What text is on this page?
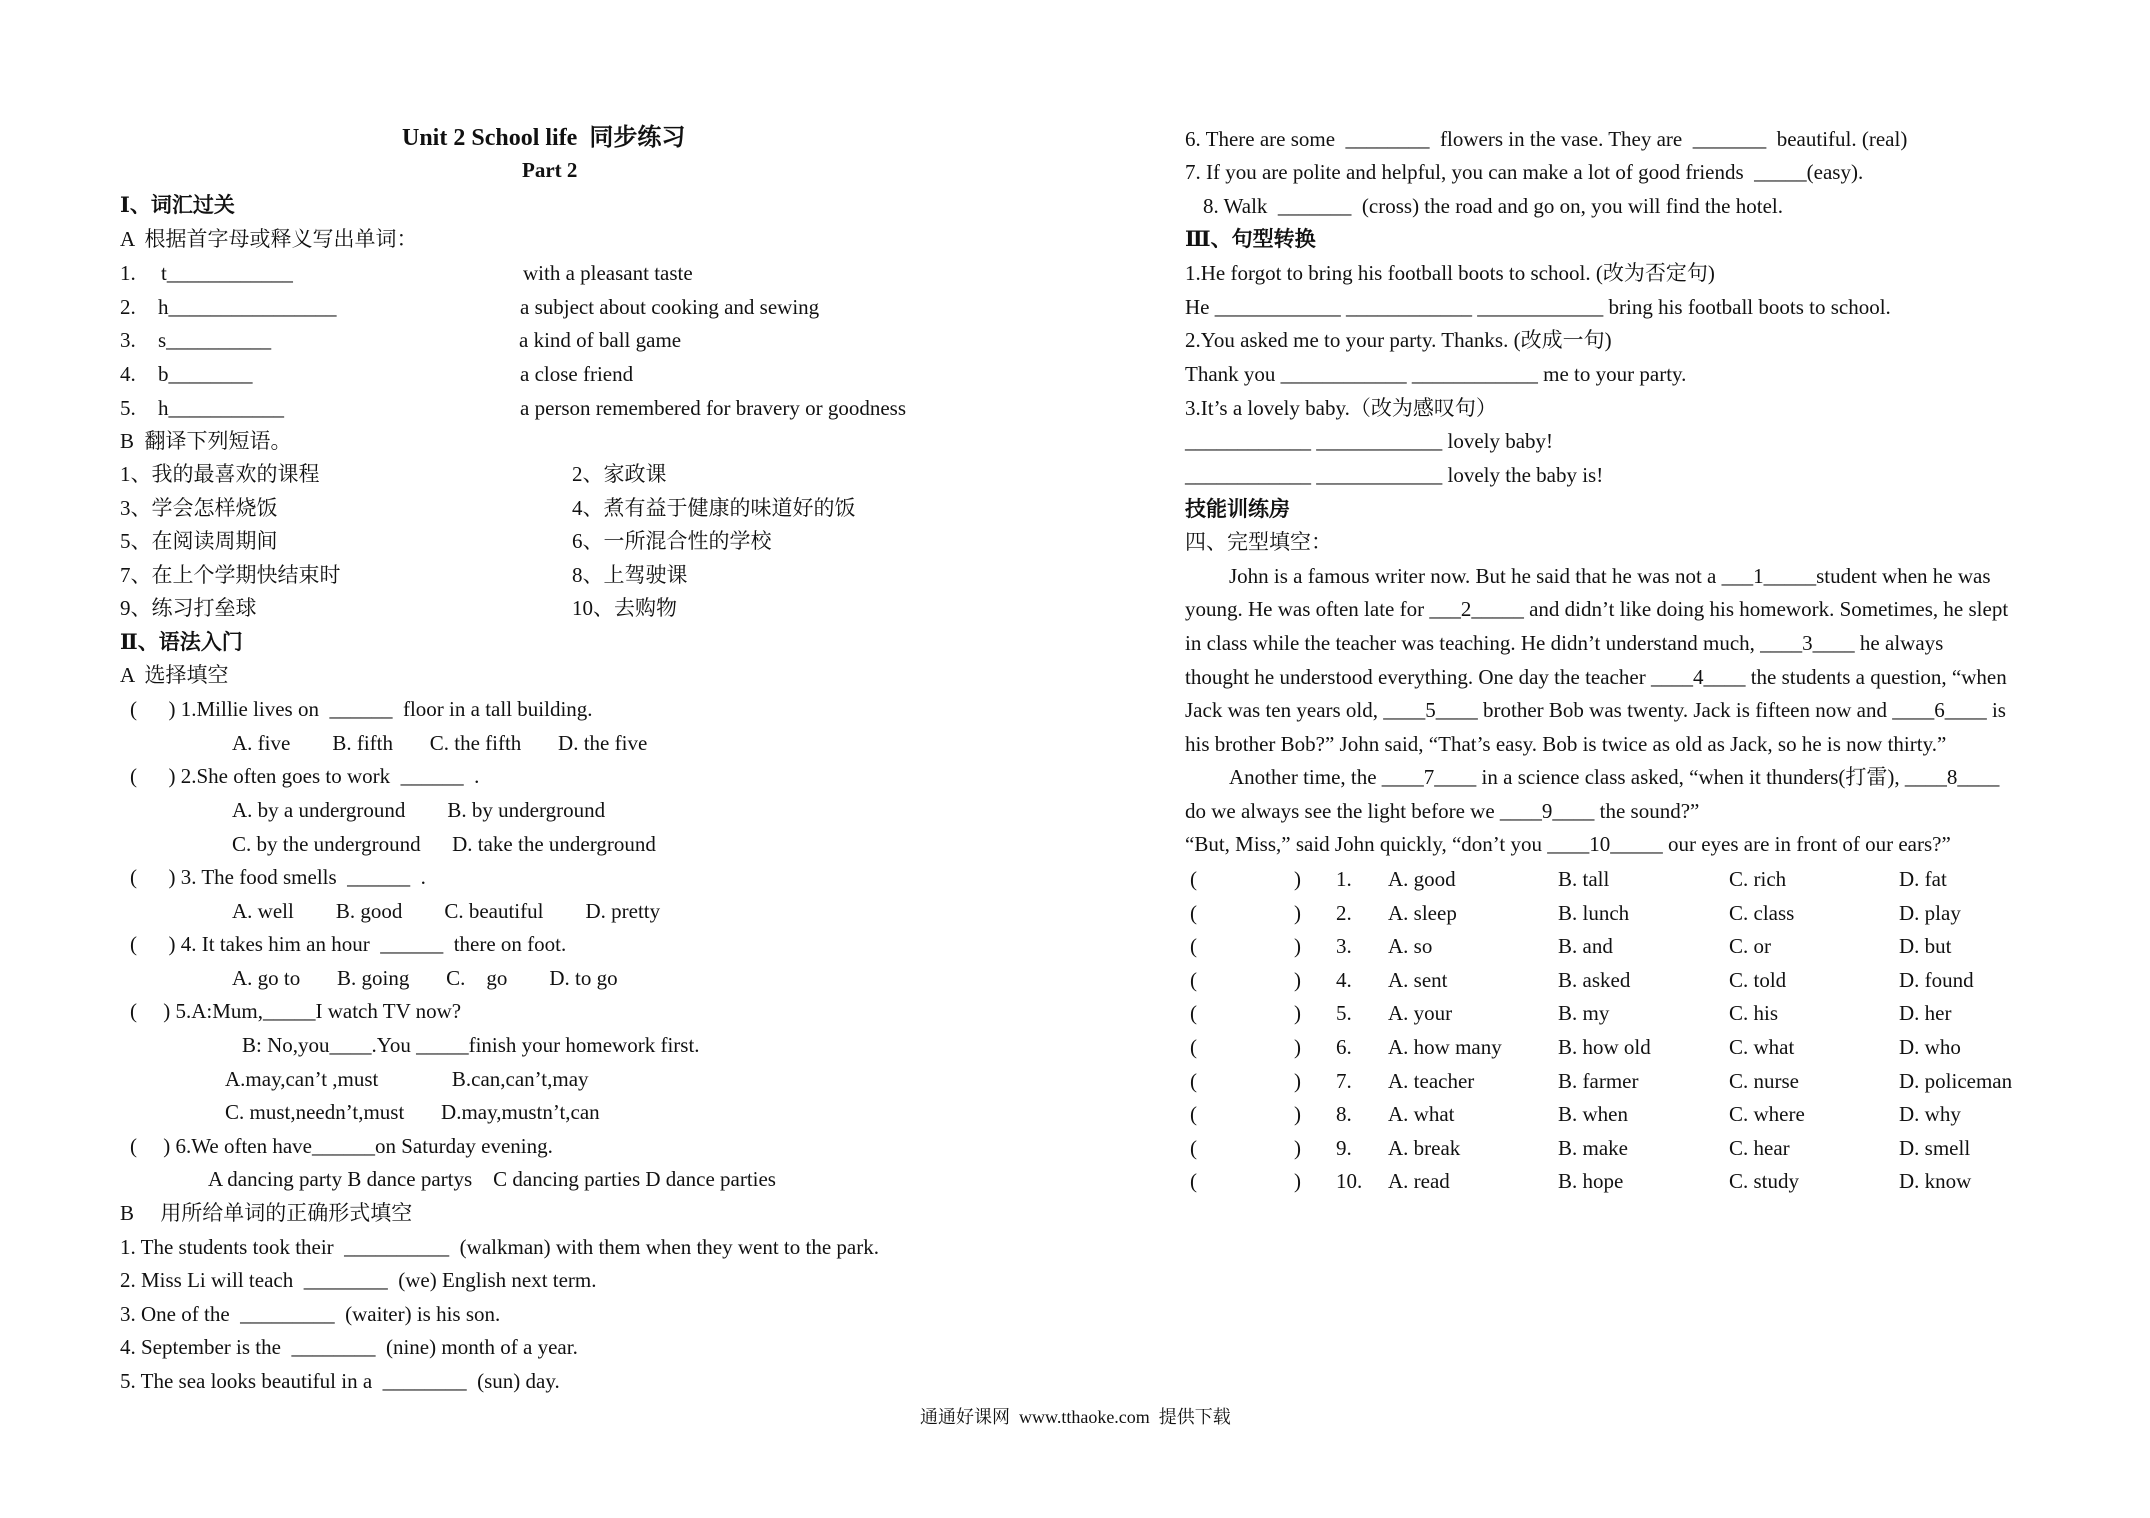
Unit 2 School life  同步练习
Part 2
Ⅰ、词汇过关
A  根据首字母或释义写出单词：
1. t____________	with a pleasant taste
2. h________________	a subject about cooking and sewing
3. s__________	a kind of ball game
4. b________	a close friend
5. h___________	a person remembered for bravery or goodness
B  翻译下列短语。
1、我的最喜欢的课程	2、家政课
3、学会怎样烧饭	4、煮有益于健康的味道好的饭
5、在阅读周期间	6、一所混合性的学校
7、在上个学期快结束时	8、上驾驶课
9、练习打垒球	10、去购物
Ⅱ、语法入门
A  选择填空
(      ) 1.Millie lives on  ______  floor in a tall building.
A. five        B. fifth       C. the fifth       D. the five
(      ) 2.She often goes to work  ______  .
A. by a underground        B. by underground
C. by the underground      D. take the underground
(      ) 3. The food smells  ______  .
A. well        B. good        C. beautiful        D. pretty
(      ) 4. It takes him an hour  ______  there on foot.
A. go to       B. going       C.    go        D. to go
(     ) 5.A:Mum,_____I watch TV now?
B: No,you____.You _____finish your homework first.
A.may,can’t ,must              B.can,can’t,may
C. must,needn’t,must       D.may,mustn’t,can
(     ) 6.We often have______on Saturday evening.
A dancing party B dance partys    C dancing parties D dance parties
B     用所给单词的正确形式填空
1. The students took their  __________  (walkman) with them when they went to the park.
2. Miss Li will teach  ________  (we) English next term.
3. One of the  _________  (waiter) is his son.
4. September is the  ________  (nine) month of a year.
5. The sea looks beautiful in a  ________  (sun) day.
6. There are some  ________  flowers in the vase. They are  _______  beautiful. (real)
7. If you are polite and helpful, you can make a lot of good friends  _____(easy).
8. Walk  _______  (cross) the road and go on, you will find the hotel.
Ⅲ、句型转换
1.He forgot to bring his football boots to school. (改为否定句)
He ____________ ____________ ____________ bring his football boots to school.
2.You asked me to your party. Thanks. (改成一句)
Thank you ____________ ____________ me to your party.
3.It’s a lovely baby.（改为感叹句）
____________ ____________ lovely baby!
____________ ____________ lovely the baby is!
技能训练房
四、完型填空：
John is a famous writer now. But he said that he was not a ___1_____student when he was
young. He was often late for ___2_____ and didn’t like doing his homework. Sometimes, he slept
in class while the teacher was teaching. He didn’t understand much, ____3____ he always
thought he understood everything. One day the teacher ____4____ the students a question, “when
Jack was ten years old, ____5____ brother Bob was twenty. Jack is fifteen now and ____6____ is
his brother Bob?” John said, “That’s easy. Bob is twice as old as Jack, so he is now thirty.”
Another time, the ____7____ in a science class asked, “when it thunders(打雷), ____8____
do we always see the light before we ____9____ the sound?”
“But, Miss,” said John quickly, “don’t you ____10_____ our eyes are in front of our ears?”
(	) 1. A. good	B. tall	C. rich	D. fat
(	) 2. A. sleep	B. lunch	C. class	D. play
(	) 3. A. so	B. and	C. or	D. but
(	) 4. A. sent	B. asked	C. told	D. found
(	) 5. A. your	B. my	C. his	D. her
(	) 6. A. how many	B. how old	C. what	D. who
(	) 7. A. teacher	B. farmer	C. nurse	D. policeman
(	) 8. A. what	B. when	C. where	D. why
(	) 9. A. break	B. make	C. hear	D. smell
(	) 10. A. read	B. hope	C. study	D. know
通通好课网  www.tthaoke.com  提供下载
